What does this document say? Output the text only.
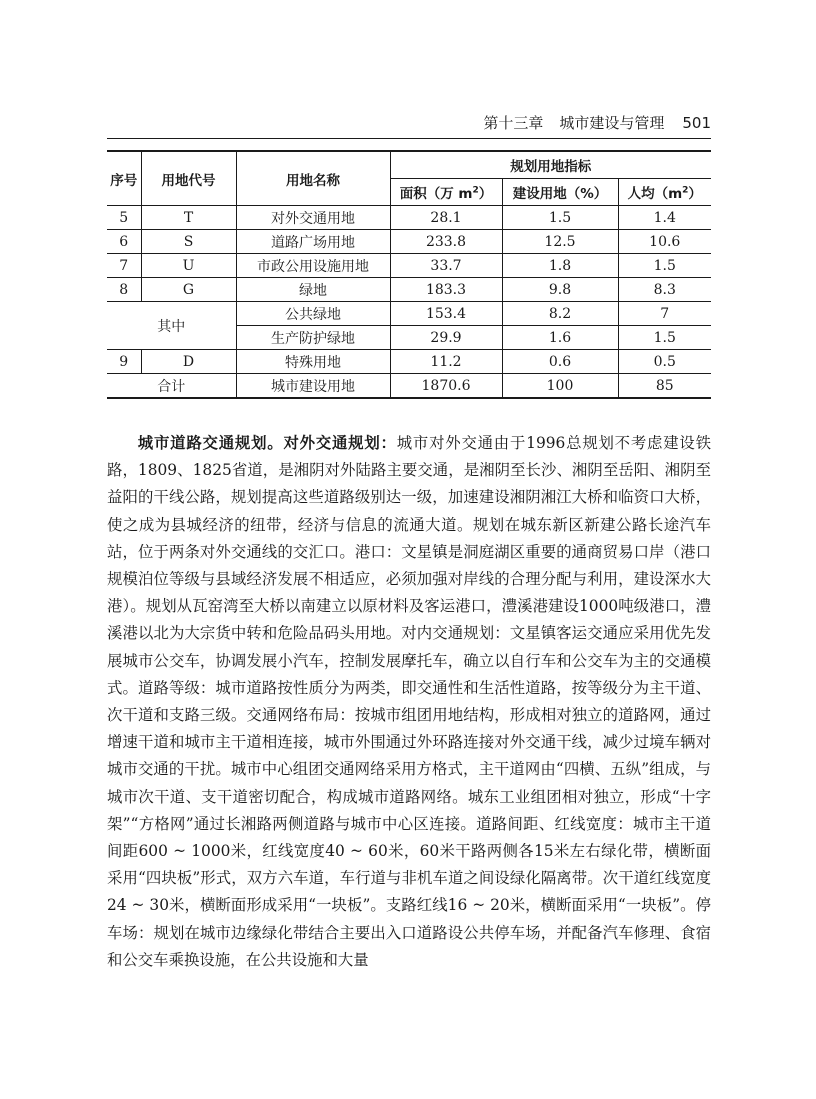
第十三章 城市建设与管理 501
序号	用地代号	用地名称	规划用地指标		
			面积（万 $m^2$）	建设用地（%）	人均$(m^2)$
5	T	对外交通用地	28.1	1.5	1.4
6	S	道路广场用地	233.8	12.5	10.6
7	U	市政公用设施用地	33.7	1.8	1.5
8	G	绿地	183.3	9.8	8.3
其中		公共绿地	153.4	8.2	7
		生产防护绿地	29.9	1.6	1.5
9	D	特殊用地	11.2	0.6	0.5
合计		城市建设用地	1870.6	100	85
城市道路交通规划。对外交通规划：城市对外交通由于1996总规划不考虑建设铁路，1809、1825省道，是湘阴对外陆路主要交通，是湘阴至长沙、湘阴至岳阳、湘阴至益阳的干线公路，规划提高这些道路级别达一级，加速建设湘阴湘江大桥和临资口大桥，使之成为县城经济的纽带，经济与信息的流通大道。规划在城东新区新建公路长途汽车站，位于两条对外交通线的交汇口。港口：文星镇是洞庭湖区重要的通商贸易口岸（港口规模泊位等级与县域经济发展不相适应，必须加强对岸线的合理分配与利用，建设深水大港）。规划从瓦窑湾至大桥以南建立以原材料及客运港口，澧溪港建设1000吨级港口，澧溪港以北为大宗货中转和危险品码头用地。对内交通规划：文星镇客运交通应采用优先发展城市公交车，协调发展小汽车，控制发展摩托车，确立以自行车和公交车为主的交通模式。道路等级：城市道路按性质分为两类，即交通性和生活性道路，按等级分为主干道、次干道和支路三级。交通网络布局：按城市组团用地结构，形成相对独立的道路网，通过增速干道和城市主干道相连接，城市外围通过外环路连接对外交通干线，减少过境车辆对城市交通的干扰。城市中心组团交通网络采用方格式，主干道网由“四横、五纵”组成，与城市次干道、支干道密切配合，构成城市道路网络。城东工业组团相对独立，形成“十字架”“方格网”通过长湘路两侧道路与城市中心区连接。道路间距、红线宽度：城市主干道间距600 ~ 1000米，红线宽度40 ~ 60米，60米干路两侧各15米左右绿化带，横断面采用“四块板”形式，双方六车道，车行道与非机车道之间设绿化隔离带。次干道红线宽度24 ~ 30米，横断面形成采用“一块板”。支路红线16 ~ 20米，横断面采用“一块板”。停车场：规划在城市边缘绿化带结合主要出入口道路设公共停车场，并配备汽车修理、食宿和公交车乘换设施，在公共设施和大量
